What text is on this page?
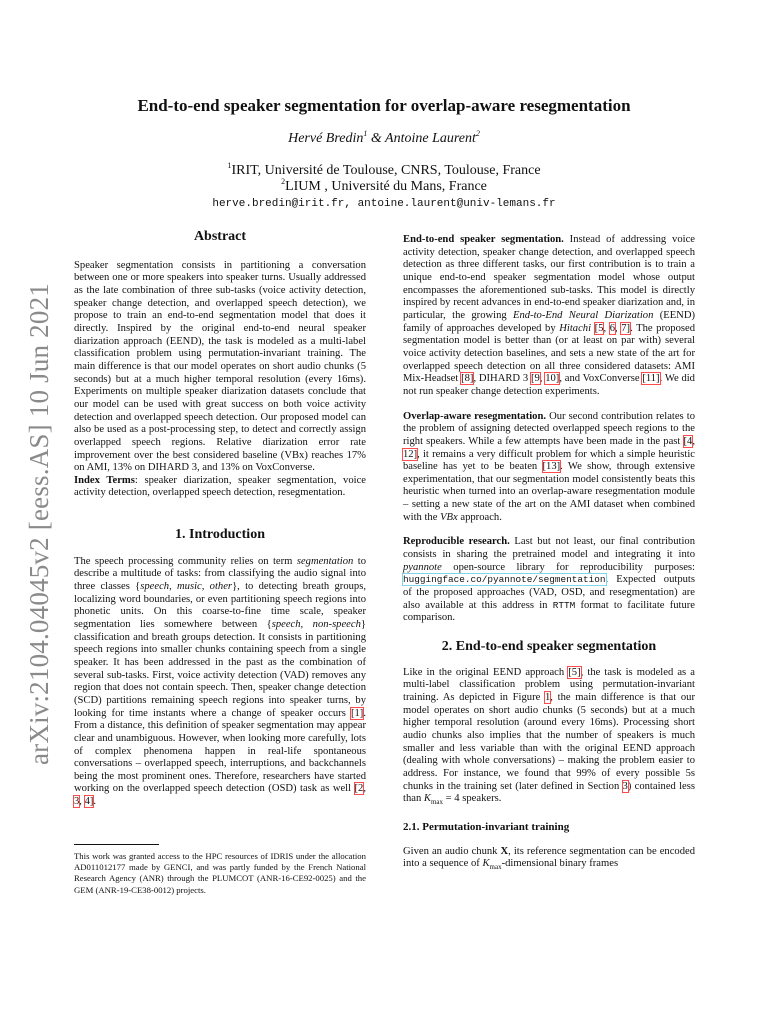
arXiv:2104.04045v2 [eess.AS] 10 Jun 2021
End-to-end speaker segmentation for overlap-aware resegmentation
Hervé Bredin$^1$ & Antoine Laurent$^2$
$^1$IRIT, Université de Toulouse, CNRS, Toulouse, France
$^2$LIUM , Université du Mans, France
herve.bredin@irit.fr, antoine.laurent@univ-lemans.fr
Abstract

Speaker segmentation consists in partitioning a conversation between one or more speakers into speaker turns. Usually addressed as the late combination of three sub-tasks (voice activity detection, speaker change detection, and overlapped speech detection), we propose to train an end-to-end segmentation model that does it directly. Inspired by the original end-to-end neural speaker diarization approach (EEND), the task is modeled as a multi-label classification problem using permutation-invariant training. The main difference is that our model operates on short audio chunks (5 seconds) but at a much higher temporal resolution (every 16ms). Experiments on multiple speaker diarization datasets conclude that our model can be used with great success on both voice activity detection and overlapped speech detection. Our proposed model can also be used as a post-processing step, to detect and correctly assign overlapped speech regions. Relative diarization error rate improvement over the best considered baseline (VBx) reaches 17% on AMI, 13% on DIHARD 3, and 13% on VoxConverse.

Index Terms: speaker diarization, speaker segmentation, voice activity detection, overlapped speech detection, resegmentation.

1. Introduction

The speech processing community relies on term segmentation to describe a multitude of tasks: from classifying the audio signal into three classes {speech, music, other}, to detecting breath groups, localizing word boundaries, or even partitioning speech regions into phonetic units. On this coarse-to-fine time scale, speaker segmentation lies somewhere between {speech, non-speech} classification and breath groups detection. It consists in partitioning speech regions into smaller chunks containing speech from a single speaker. It has been addressed in the past as the combination of several sub-tasks. First, voice activity detection (VAD) removes any region that does not contain speech. Then, speaker change detection (SCD) partitions remaining speech regions into speaker turns, by looking for time instants where a change of speaker occurs [1]. From a distance, this definition of speaker segmentation may appear clear and unambiguous. However, when looking more carefully, lots of complex phenomena happen in real-life spontaneous conversations – overlapped speech, interruptions, and backchannels being the most prominent ones. Therefore, researchers have started working on the overlapped speech detection (OSD) task as well [2, 3, 4].

This work was granted access to the HPC resources of IDRIS under the allocation AD011012177 made by GENCI, and was partly funded by the French National Research Agency (ANR) through the PLUMCOT (ANR-16-CE92-0025) and the GEM (ANR-19-CE38-0012) projects.

End-to-end speaker segmentation. Instead of addressing voice activity detection, speaker change detection, and overlapped speech detection as three different tasks, our first contribution is to train a unique end-to-end speaker segmentation model whose output encompasses the aforementioned sub-tasks. This model is directly inspired by recent advances in end-to-end speaker diarization and, in particular, the growing End-to-End Neural Diarization (EEND) family of approaches developed by Hitachi [5, 6, 7]. The proposed segmentation model is better than (or at least on par with) several voice activity detection baselines, and sets a new state of the art for overlapped speech detection on all three considered datasets: AMI Mix-Headset [8], DIHARD 3 [9, 10], and VoxConverse [11]. We did not run speaker change detection experiments.

Overlap-aware resegmentation. Our second contribution relates to the problem of assigning detected overlapped speech regions to the right speakers. While a few attempts have been made in the past [4, 12], it remains a very difficult problem for which a simple heuristic baseline has yet to be beaten [13]. We show, through extensive experimentation, that our segmentation model consistently beats this heuristic when turned into an overlap-aware resegmentation module – setting a new state of the art on the AMI dataset when combined with the VBx approach.

Reproducible research. Last but not least, our final contribution consists in sharing the pretrained model and integrating it into pyannote open-source library for reproducibility purposes: huggingface.co/pyannote/segmentation. Expected outputs of the proposed approaches (VAD, OSD, and resegmentation) are also available at this address in RTTM format to facilitate future comparison.

2. End-to-end speaker segmentation

Like in the original EEND approach [5], the task is modeled as a multi-label classification problem using permutation-invariant training. As depicted in Figure 1, the main difference is that our model operates on short audio chunks (5 seconds) but at a much higher temporal resolution (around every 16ms). Processing short audio chunks also implies that the number of speakers is much smaller and less variable than with the original EEND approach (dealing with whole conversations) – making the problem easier to address. For instance, we found that 99% of every possible 5s chunks in the training set (later defined in Section 3) contained less than $K_{max} = 4$ speakers.

2.1. Permutation-invariant training

Given an audio chunk X, its reference segmentation can be encoded into a sequence of $K_{max}$-dimensional binary frames
